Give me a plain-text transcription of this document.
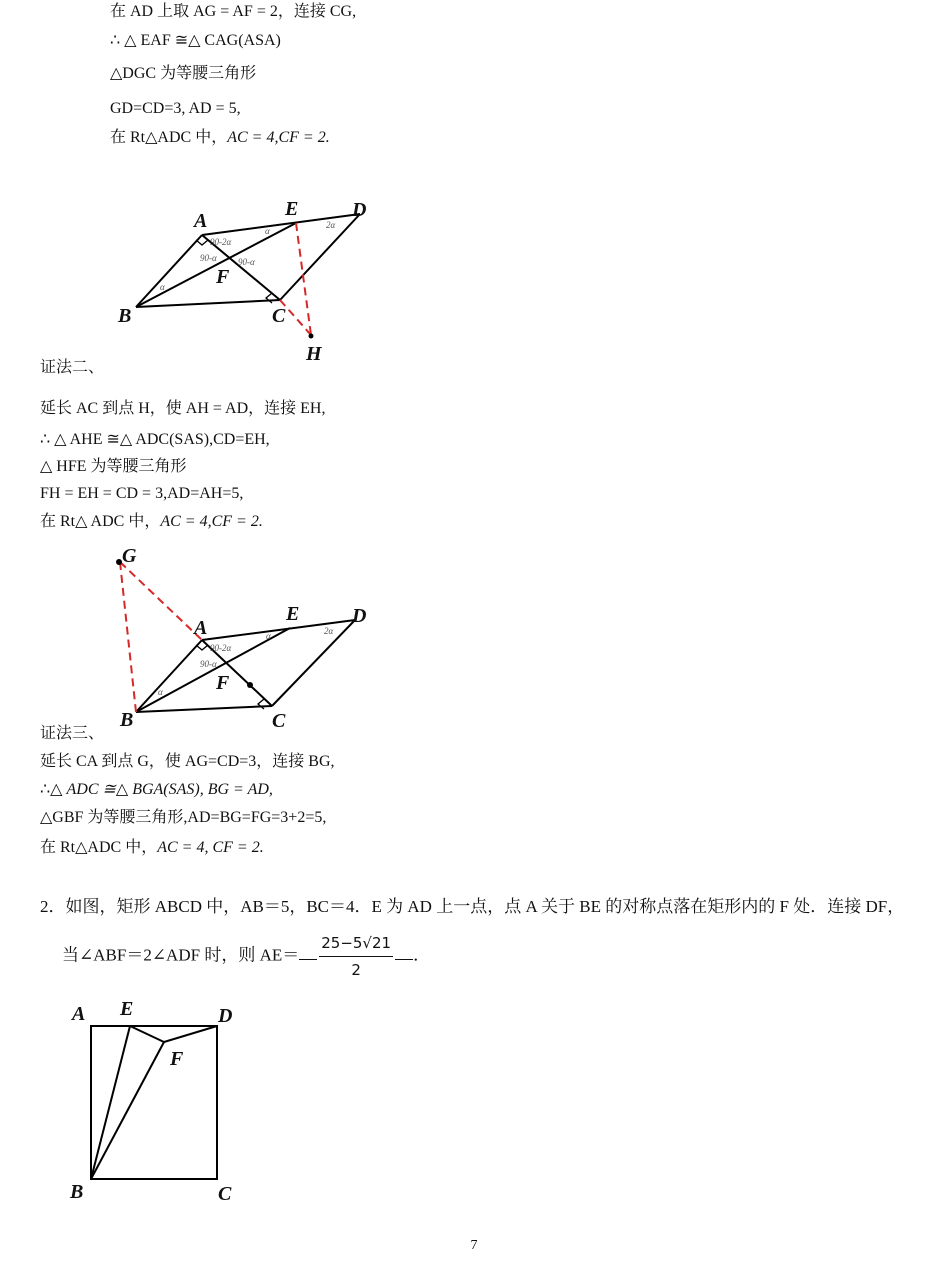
在 AD 上取 AG = AF = 2，连接 CG,
∴ △ EAF ≅△ CAG(ASA)
△DGC 为等腰三角形
GD=CD=3, AD = 5,
在 Rt△ADC 中，AC = 4,CF = 2.
A
E	D
F
B	C
H
90-2α
α
2α
90-α 90-α
α
证法二、
延长 AC 到点 H，使 AH = AD，连接 EH,
∴ △ AHE ≅△ ADC(SAS),CD=EH,
△ HFE 为等腰三角形
FH = EH = CD = 3,AD=AH=5,
在 Rt△ ADC 中，AC = 4,CF = 2.
G
A
E	D
F
B	C
90-2α
α	2α
90-α
α
证法三、
延长 CA 到点 G，使 AG=CD=3，连接 BG,
∴△ ADC ≅△ BGA(SAS), BG = AD,
△GBF 为等腰三角形,AD=BG=FG=3+2=5,
在 Rt△ADC 中，AC = 4, CF = 2.
2．如图，矩形 ABCD 中，AB＝5，BC＝4．E 为 AD 上一点，点 A 关于 BE 的对称点落在矩形内的 F 处．连接 DF，
当∠ABF＝2∠ADF 时，则 $AE= \frac{25-5√21}{2}$ ．
A E	D
F
B	C
7
